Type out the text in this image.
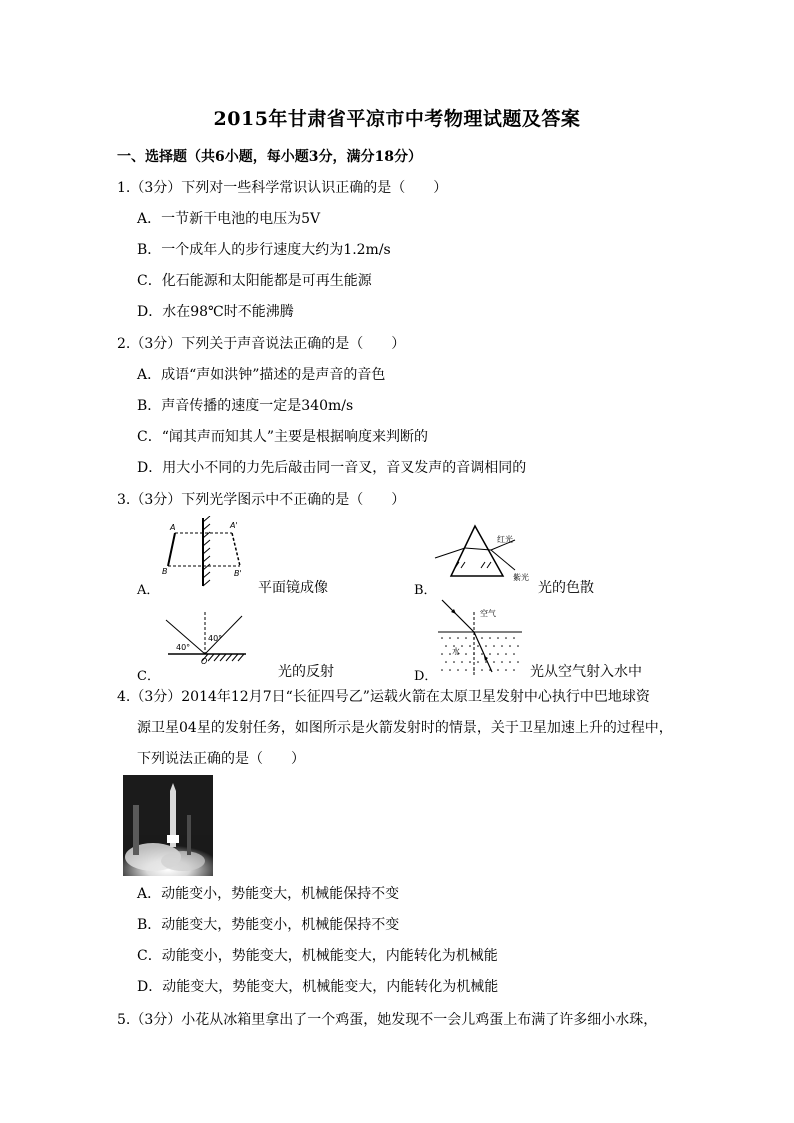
2015年甘肃省平凉市中考物理试题及答案
一、选择题（共6小题，每小题3分，满分18分）
1.（3分）下列对一些科学常识认识正确的是（　　）
A．一节新干电池的电压为5V
B．一个成年人的步行速度大约为1.2m/s
C．化石能源和太阳能都是可再生能源
D．水在98℃时不能沸腾
2.（3分）下列关于声音说法正确的是（　　）
A．成语“声如洪钟”描述的是声音的音色
B．声音传播的速度一定是340m/s
C．“闻其声而知其人”主要是根据响度来判断的
D．用大小不同的力先后敲击同一音叉，音叉发声的音调相同的
3.（3分）下列光学图示中不正确的是（　　）
A	A'
B	B'
A．	平面镜成像
红光
紫光
B．	光的色散
40°
40°
O
C．	光的反射
空气
水
D．	光从空气射入水中
4.（3分）2014年12月7日“长征四号乙”运载火箭在太原卫星发射中心执行中巴地球资
源卫星04星的发射任务，如图所示是火箭发射时的情景，关于卫星加速上升的过程中，
下列说法正确的是（　　）
A．动能变小，势能变大，机械能保持不变
B．动能变大，势能变小，机械能保持不变
C．动能变小，势能变大，机械能变大，内能转化为机械能
D．动能变大，势能变大，机械能变大，内能转化为机械能
5.（3分）小花从冰箱里拿出了一个鸡蛋，她发现不一会儿鸡蛋上布满了许多细小水珠，
